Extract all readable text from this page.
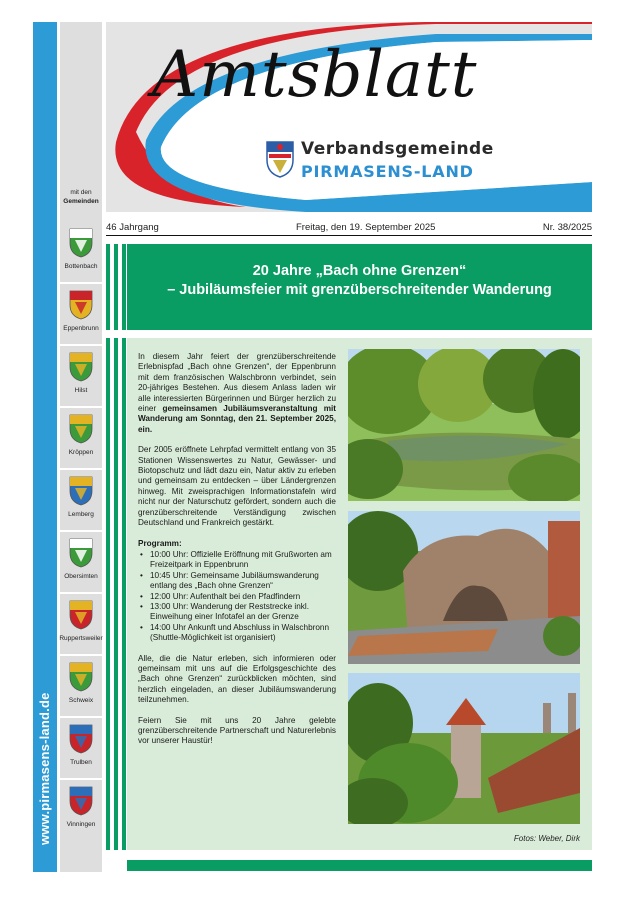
mit den
Gemeinden
Bottenbach
Eppenbrunn
Hilst
Kröppen
Lemberg
Obersimten
Ruppertsweiler
Schweix
Trulben
Vinningen
Amtsblatt
Verbandsgemeinde
PIRMASENS-LAND
46 Jahrgang	Freitag, den 19. September 2025	Nr. 38/2025
20 Jahre „Bach ohne Grenzen“
– Jubiläumsfeier mit grenzüberschreitender Wanderung

In diesem Jahr feiert der grenzüberschreitende Erlebnispfad „Bach ohne Grenzen“, der Eppenbrunn mit dem französischen Walschbronn verbindet, sein 20-jähriges Bestehen. Aus diesem Anlass laden wir alle interessierten Bürgerinnen und Bürger herzlich zu einer gemeinsamen Jubiläumsveranstaltung mit Wanderung am Sonntag, den 21. September 2025, ein.

Der 2005 eröffnete Lehrpfad vermittelt entlang von 35 Stationen Wissenswertes zu Natur, Gewässer- und Biotopschutz und lädt dazu ein, Natur aktiv zu erleben und gemeinsam zu entdecken – über Ländergrenzen hinweg. Mit zweisprachigen Informationstafeln wird nicht nur der Naturschutz gefördert, sondern auch die grenzüberschreitende Verständigung zwischen Deutschland und Frankreich gestärkt.

Programm:
• 10:00 Uhr: Offizielle Eröffnung mit Grußworten am Freizeitpark in Eppenbrunn
• 10:45 Uhr: Gemeinsame Jubiläumswanderung entlang des „Bach ohne Grenzen“
• 12:00 Uhr: Aufenthalt bei den Pfadfindern
• 13:00 Uhr: Wanderung der Reststrecke inkl. Einweihung einer Infotafel an der Grenze
• 14:00 Uhr Ankunft und Abschluss in Walschbronn (Shuttle-Möglichkeit ist organisiert)

Alle, die die Natur erleben, sich informieren oder gemeinsam mit uns auf die Erfolgsgeschichte des „Bach ohne Grenzen“ zurückblicken möchten, sind herzlich eingeladen, an dieser Jubiläumswanderung teilzunehmen.

Feiern Sie mit uns 20 Jahre gelebte grenzüberschreitende Partnerschaft und Naturerlebnis vor unserer Haustür!

Fotos: Weber, Dirk
